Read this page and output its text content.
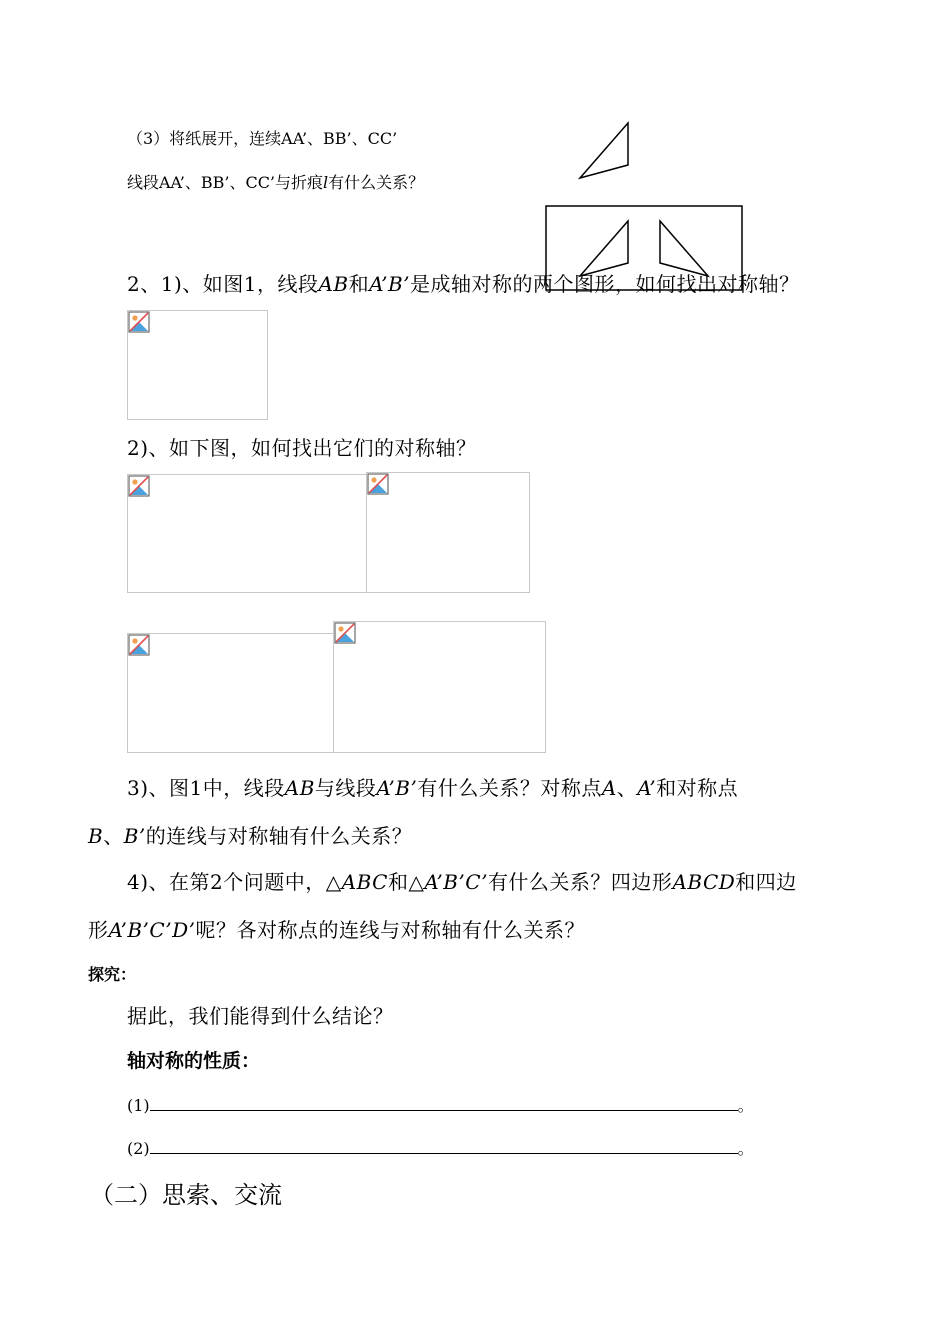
（3）将纸展开，连续AA’、BB’、CC’
线段AA’、BB’、CC’与折痕l有什么关系？
2、1)、如图1，线段AB和A’B’是成轴对称的两个图形，如何找出对称轴？
2)、如下图，如何找出它们的对称轴？
3)、图1中，线段AB与线段A’B’有什么关系？对称点A、A’和对称点
B、B’的连线与对称轴有什么关系？
4)、在第2个问题中，△ABC和△A’B’C’有什么关系？四边形ABCD和四边
形A’B’C’D’呢？各对称点的连线与对称轴有什么关系？
探究：
据此，我们能得到什么结论？
轴对称的性质：
(1)	。
(2)	。
（二）思索、交流
